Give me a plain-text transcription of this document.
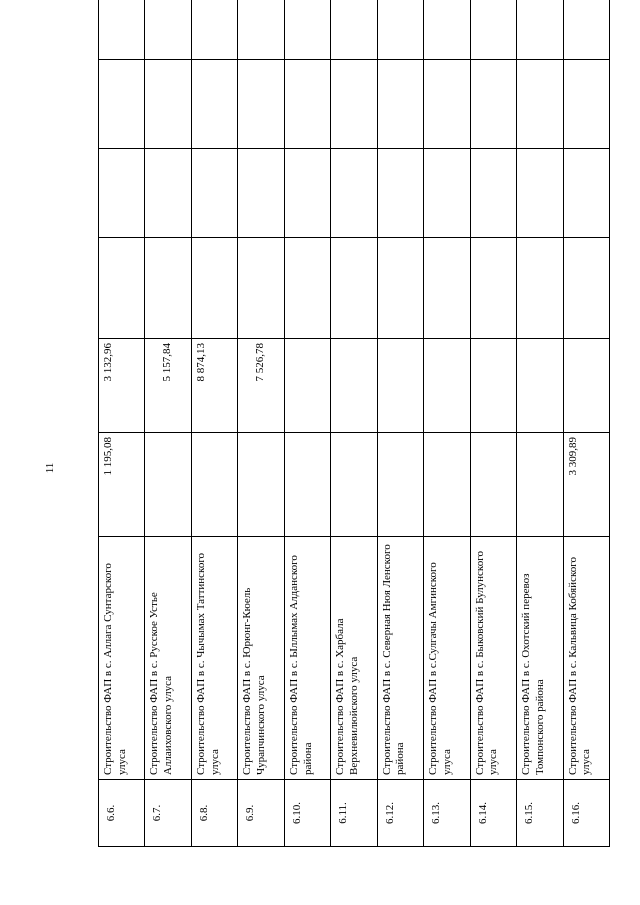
11
6.6.	Строительство ФАП в с. Аллага Сунтарского улуса	1 195,08	3 132,96				
6.7.	Строительство ФАП в с. Русское Устье Аллаиховского улуса		5 157,84				
6.8.	Строительство ФАП в с. Чычымах Таттинского улуса		8 874,13				
6.9.	Строительство ФАП в с. Юрюнг-Кюель Чурапчинского улуса		7 526,78				
6.10.	Строительство ФАП в с. Ыллымах Алданского района						
6.11.	Строительство ФАП в с. Харбала Верхневилюйского улуса						
6.12.	Строительство ФАП в с. Северная Нюя Ленского района						
6.13.	Строительство ФАП в с.Сулгачы Амгинского улуса						
6.14.	Строительство ФАП в с. Быковский Булунского улуса						
6.15.	Строительство ФАП в с. Охотский перевоз Томпонского района						
6.16.	Строительство ФАП в с. Кальвица Кобяйского улуса	3 309,89					
